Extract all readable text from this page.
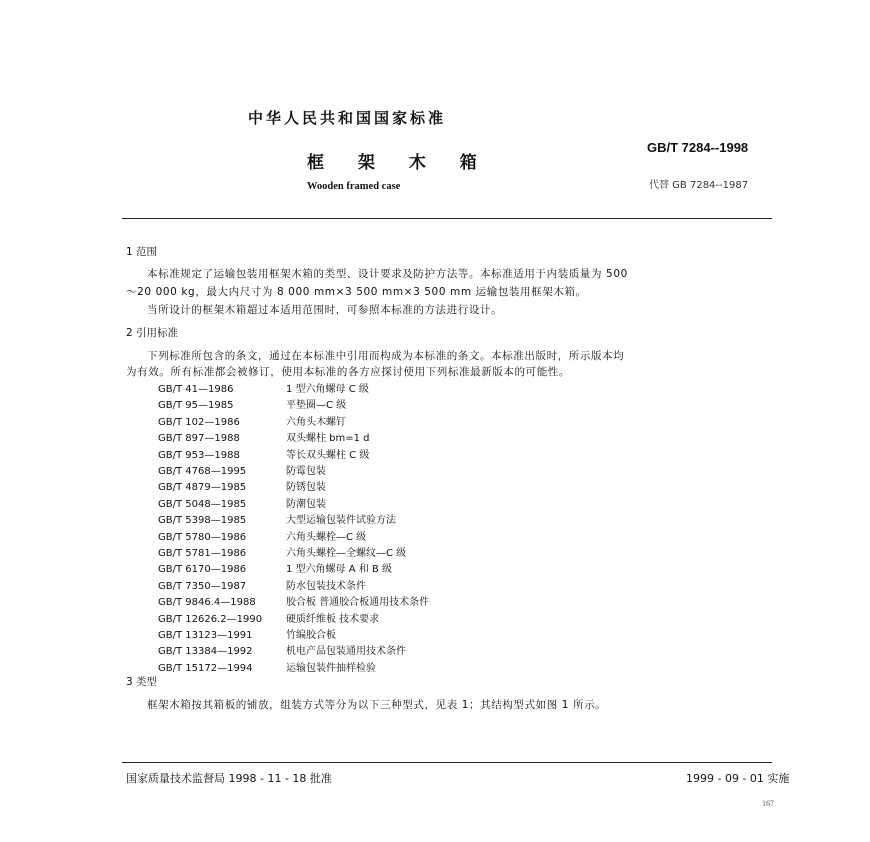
中华人民共和国国家标准
GB/T 7284--1998
框 架 木 箱
Wooden framed case	代替 GB 7284--1987
1 范围
本标准规定了运输包装用框架木箱的类型、设计要求及防护方法等。本标准适用于内装质量为 500
～20 000 kg，最大内尺寸为 8 000 mm×3 500 mm×3 500 mm 运输包装用框架木箱。
当所设计的框架木箱超过本适用范围时，可参照本标准的方法进行设计。
2 引用标准
下列标准所包含的条文，通过在本标准中引用而构成为本标准的条文。本标准出版时，所示版本均
为有效。所有标准都会被修订，使用本标准的各方应探讨使用下列标准最新版本的可能性。
GB/T 41—1986	1 型六角螺母 C 级
GB/T 95—1985	平垫圈—C 级
GB/T 102—1986	六角头木螺钉
GB/T 897—1988	双头螺柱 bm=1 d
GB/T 953—1988	等长双头螺柱 C 级
GB/T 4768—1995	防霉包装
GB/T 4879—1985	防锈包装
GB/T 5048—1985	防潮包装
GB/T 5398—1985	大型运输包装件试验方法
GB/T 5780—1986	六角头螺栓—C 级
GB/T 5781—1986	六角头螺栓—全螺纹—C 级
GB/T 6170—1986	1 型六角螺母 A 和 B 级
GB/T 7350—1987	防水包装技术条件
GB/T 9846.4—1988	胶合板 普通胶合板通用技术条件
GB/T 12626.2—1990 硬质纤维板 技术要求
GB/T 13123—1991	竹编胶合板
GB/T 13384—1992	机电产品包装通用技术条件
GB/T 15172—1994	运输包装件抽样检验
3 类型
框架木箱按其箱板的铺放，组装方式等分为以下三种型式，见表 1；其结构型式如图 1 所示。
国家质量技术监督局 1998 - 11 - 18 批准	1999 - 09 - 01 实施
167
